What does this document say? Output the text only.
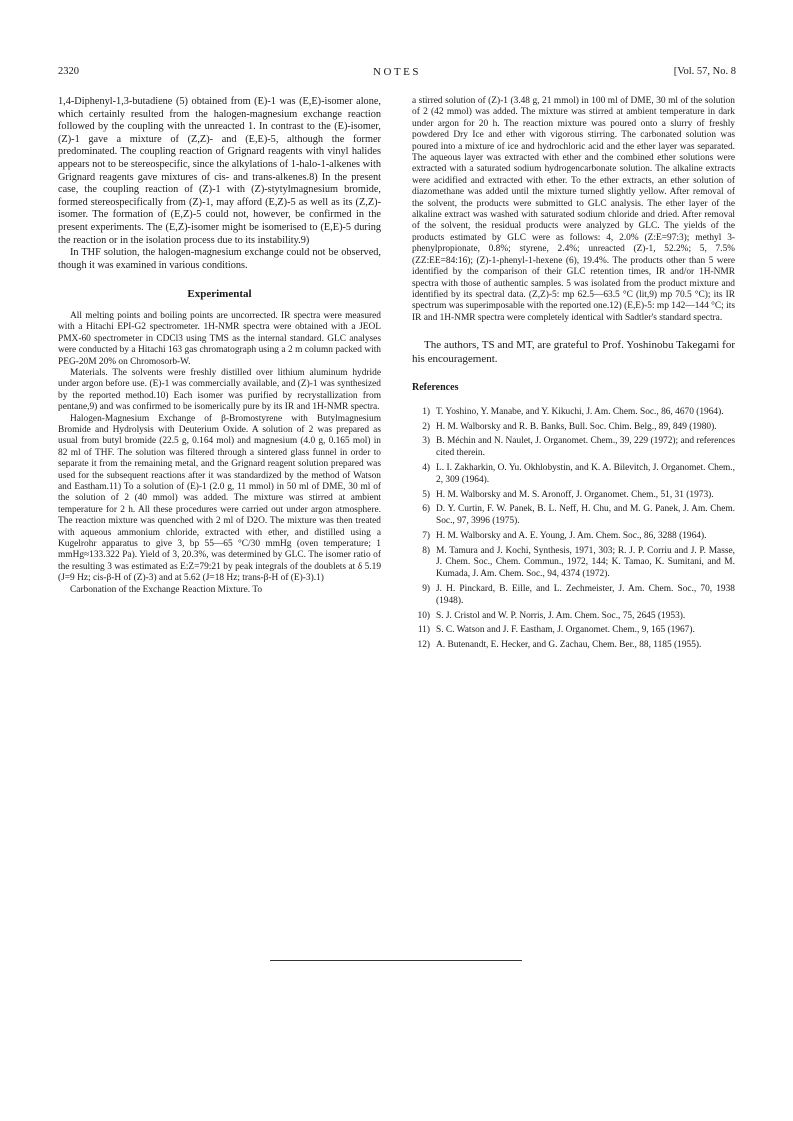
2320	NOTES	[Vol. 57, No. 8

1,4-Diphenyl-1,3-butadiene (5) obtained from (E)-1 was (E,E)-isomer alone, which certainly resulted from the halogen-magnesium exchange reaction followed by the coupling with the unreacted 1. In contrast to the (E)-isomer, (Z)-1 gave a mixture of (Z,Z)- and (E,E)-5, although the former predominated. The coupling reaction of Grignard reagents with vinyl halides appears not to be stereospecific, since the alkylations of 1-halo-1-alkenes with Grignard reagents gave mixtures of cis- and trans-alkenes.8) In the present case, the coupling reaction of (Z)-1 with (Z)-stytylmagnesium bromide, formed stereospecifically from (Z)-1, may afford (E,Z)-5 as well as its (Z,Z)-isomer. The formation of (E,Z)-5 could not, however, be confirmed in the present experiments. The (E,Z)-isomer might be isomerised to (E,E)-5 during the reaction or in the isolation process due to its instability.9)

In THF solution, the halogen-magnesium exchange could not be observed, though it was examined in various conditions.

Experimental

All melting points and boiling points are uncorrected. IR spectra were measured with a Hitachi EPI-G2 spectrometer. 1H-NMR spectra were obtained with a JEOL PMX-60 spectrometer in CDCl3 using TMS as the internal standard. GLC analyses were conducted by a Hitachi 163 gas chromatograph using a 2 m column packed with PEG-20M 20% on Chromosorb-W.

Materials. The solvents were freshly distilled over lithium aluminum hydride under argon before use. (E)-1 was commercially available, and (Z)-1 was synthesized by the reported method.10) Each isomer was purified by recrystallization from pentane,9) and was confirmed to be isomerically pure by its IR and 1H-NMR spectra.

Halogen-Magnesium Exchange of β-Bromostyrene with Butylmagnesium Bromide and Hydrolysis with Deuterium Oxide. A solution of 2 was prepared as usual from butyl bromide (22.5 g, 0.164 mol) and magnesium (4.0 g, 0.165 mol) in 82 ml of THF. The solution was filtered through a sintered glass funnel in order to separate it from the remaining metal, and the Grignard reagent solution prepared was used for the subsequent reactions after it was standardized by the method of Watson and Eastham.11) To a solution of (E)-1 (2.0 g, 11 mmol) in 50 ml of DME, 30 ml of the solution of 2 (40 mmol) was added. The mixture was stirred at ambient temperature for 2 h. All these procedures were carried out under argon atmosphere. The reaction mixture was quenched with 2 ml of D2O. The mixture was then treated with aqueous ammonium chloride, extracted with ether, and distilled using a Kugelrohr apparatus to give 3, bp 55—65 °C/30 mmHg (oven temperature; 1 mmHg≈133.322 Pa). Yield of 3, 20.3%, was determined by GLC. The isomer ratio of the resulting 3 was estimated as E:Z=79:21 by peak integrals of the doublets at δ 5.19 (J=9 Hz; cis-β-H of (Z)-3) and at 5.62 (J=18 Hz; trans-β-H of (E)-3).1)

Carbonation of the Exchange Reaction Mixture. To

a stirred solution of (Z)-1 (3.48 g, 21 mmol) in 100 ml of DME, 30 ml of the solution of 2 (42 mmol) was added. The mixture was stirred at ambient temperature in dark under argon for 20 h. The reaction mixture was poured onto a slurry of freshly powdered Dry Ice and ether with vigorous stirring. The carbonated solution was poured into a mixture of ice and hydrochloric acid and the ether layer was separated. The aqueous layer was extracted with ether and the combined ether solutions were extracted with a saturated sodium hydrogencarbonate solution. The alkaline extracts were acidified and extracted with ether. To the ether extracts, an ether solution of diazomethane was added until the mixture turned slightly yellow. After removal of the solvent, the products were submitted to GLC analysis. The ether layer of the alkaline extract was washed with saturated sodium chloride and dried. After removal of the solvent, the residual products were analyzed by GLC. The yields of the products estimated by GLC were as follows: 4, 2.0% (Z:E=97:3); methyl 3-phenylpropionate, 0.8%; styrene, 2.4%; unreacted (Z)-1, 52.2%; 5, 7.5% (ZZ:EE=84:16); (Z)-1-phenyl-1-hexene (6), 19.4%. The products other than 5 were identified by the comparison of their GLC retention times, IR and/or 1H-NMR spectra with those of authentic samples. 5 was isolated from the product mixture and identified by its spectral data. (Z,Z)-5: mp 62.5—63.5 °C (lit,9) mp 70.5 °C); its IR spectrum was superimposable with the reported one.12) (E,E)-5: mp 142—144 °C; its IR and 1H-NMR spectra were completely identical with Sadtler's standard spectra.

The authors, TS and MT, are grateful to Prof. Yoshinobu Takegami for his encouragement.

References
1) T. Yoshino, Y. Manabe, and Y. Kikuchi, J. Am. Chem. Soc., 86, 4670 (1964).
2) H. M. Walborsky and R. B. Banks, Bull. Soc. Chim. Belg., 89, 849 (1980).
3) B. Méchin and N. Naulet, J. Organomet. Chem., 39, 229 (1972); and references cited therein.
4) L. I. Zakharkin, O. Yu. Okhlobystin, and K. A. Bilevitch, J. Organomet. Chem., 2, 309 (1964).
5) H. M. Walborsky and M. S. Aronoff, J. Organomet. Chem., 51, 31 (1973).
6) D. Y. Curtin, F. W. Panek, B. L. Neff, H. Chu, and M. G. Panek, J. Am. Chem. Soc., 97, 3996 (1975).
7) H. M. Walborsky and A. E. Young, J. Am. Chem. Soc., 86, 3288 (1964).
8) M. Tamura and J. Kochi, Synthesis, 1971, 303; R. J. P. Corriu and J. P. Masse, J. Chem. Soc., Chem. Commun., 1972, 144; K. Tamao, K. Sumitani, and M. Kumada, J. Am. Chem. Soc., 94, 4374 (1972).
9) J. H. Pinckard, B. Eille, and L. Zechmeister, J. Am. Chem. Soc., 70, 1938 (1948).
10) S. J. Cristol and W. P. Norris, J. Am. Chem. Soc., 75, 2645 (1953).
11) S. C. Watson and J. F. Eastham, J. Organomet. Chem., 9, 165 (1967).
12) A. Butenandt, E. Hecker, and G. Zachau, Chem. Ber., 88, 1185 (1955).
